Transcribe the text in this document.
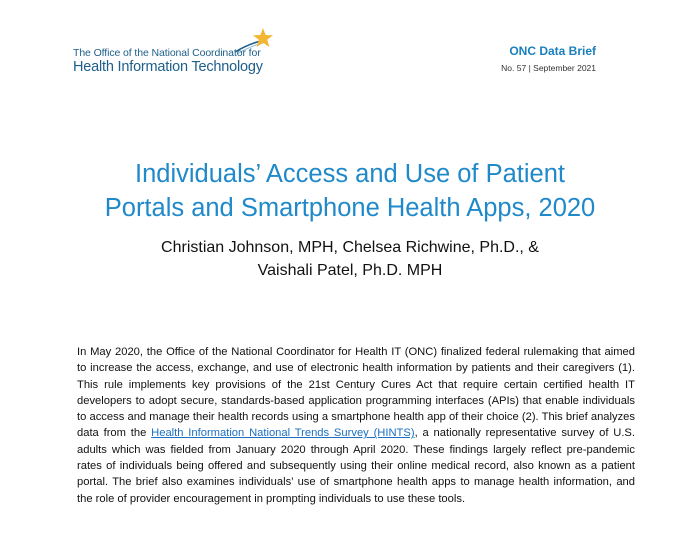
The Office of the National Coordinator for
Health Information Technology
ONC Data Brief
No. 57 | September 2021
Individuals’ Access and Use of Patient
Portals and Smartphone Health Apps, 2020
Christian Johnson, MPH, Chelsea Richwine, Ph.D., &
Vaishali Patel, Ph.D. MPH
In May 2020, the Office of the National Coordinator for Health IT (ONC) finalized federal rulemaking that aimed to increase the access, exchange, and use of electronic health information by patients and their caregivers (1). This rule implements key provisions of the 21st Century Cures Act that require certain certified health IT developers to adopt secure, standards-based application programming interfaces (APIs) that enable individuals to access and manage their health records using a smartphone health app of their choice (2). This brief analyzes data from the Health Information National Trends Survey (HINTS), a nationally representative survey of U.S. adults which was fielded from January 2020 through April 2020. These findings largely reflect pre-pandemic rates of individuals being offered and subsequently using their online medical record, also known as a patient portal. The brief also examines individuals’ use of smartphone health apps to manage health information, and the role of provider encouragement in prompting individuals to use these tools.
